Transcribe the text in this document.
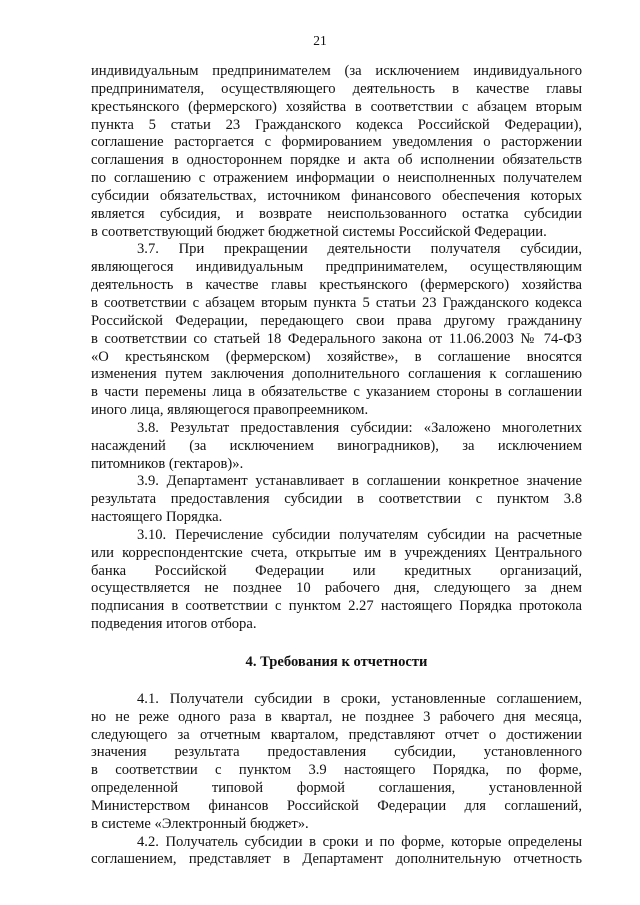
21
индивидуальным предпринимателем (за исключением индивидуального
предпринимателя, осуществляющего деятельность в качестве главы
крестьянского (фермерского) хозяйства в соответствии с абзацем вторым
пункта 5 статьи 23 Гражданского кодекса Российской Федерации),
соглашение расторгается с формированием уведомления о расторжении
соглашения в одностороннем порядке и акта об исполнении обязательств
по соглашению с отражением информации о неисполненных получателем
субсидии обязательствах, источником финансового обеспечения которых
является субсидия, и возврате неиспользованного остатка субсидии
в соответствующий бюджет бюджетной системы Российской Федерации.
3.7. При прекращении деятельности получателя субсидии,
являющегося индивидуальным предпринимателем, осуществляющим
деятельность в качестве главы крестьянского (фермерского) хозяйства
в соответствии с абзацем вторым пункта 5 статьи 23 Гражданского кодекса
Российской Федерации, передающего свои права другому гражданину
в соответствии со статьей 18 Федерального закона от 11.06.2003 № 74-ФЗ
«О крестьянском (фермерском) хозяйстве», в соглашение вносятся
изменения путем заключения дополнительного соглашения к соглашению
в части перемены лица в обязательстве с указанием стороны в соглашении
иного лица, являющегося правопреемником.
3.8. Результат предоставления субсидии: «Заложено многолетних
насаждений (за исключением виноградников), за исключением
питомников (гектаров)».
3.9. Департамент устанавливает в соглашении конкретное значение
результата предоставления субсидии в соответствии с пунктом 3.8
настоящего Порядка.
3.10. Перечисление субсидии получателям субсидии на расчетные
или корреспондентские счета, открытые им в учреждениях Центрального
банка Российской Федерации или кредитных организаций,
осуществляется не позднее 10 рабочего дня, следующего за днем
подписания в соответствии с пунктом 2.27 настоящего Порядка протокола
подведения итогов отбора.
4. Требования к отчетности
4.1. Получатели субсидии в сроки, установленные соглашением,
но не реже одного раза в квартал, не позднее 3 рабочего дня месяца,
следующего за отчетным кварталом, представляют отчет о достижении
значения результата предоставления субсидии, установленного
в соответствии с пунктом 3.9 настоящего Порядка, по форме,
определенной типовой формой соглашения, установленной
Министерством финансов Российской Федерации для соглашений,
в системе «Электронный бюджет».
4.2. Получатель субсидии в сроки и по форме, которые определены
соглашением, представляет в Департамент дополнительную отчетность
